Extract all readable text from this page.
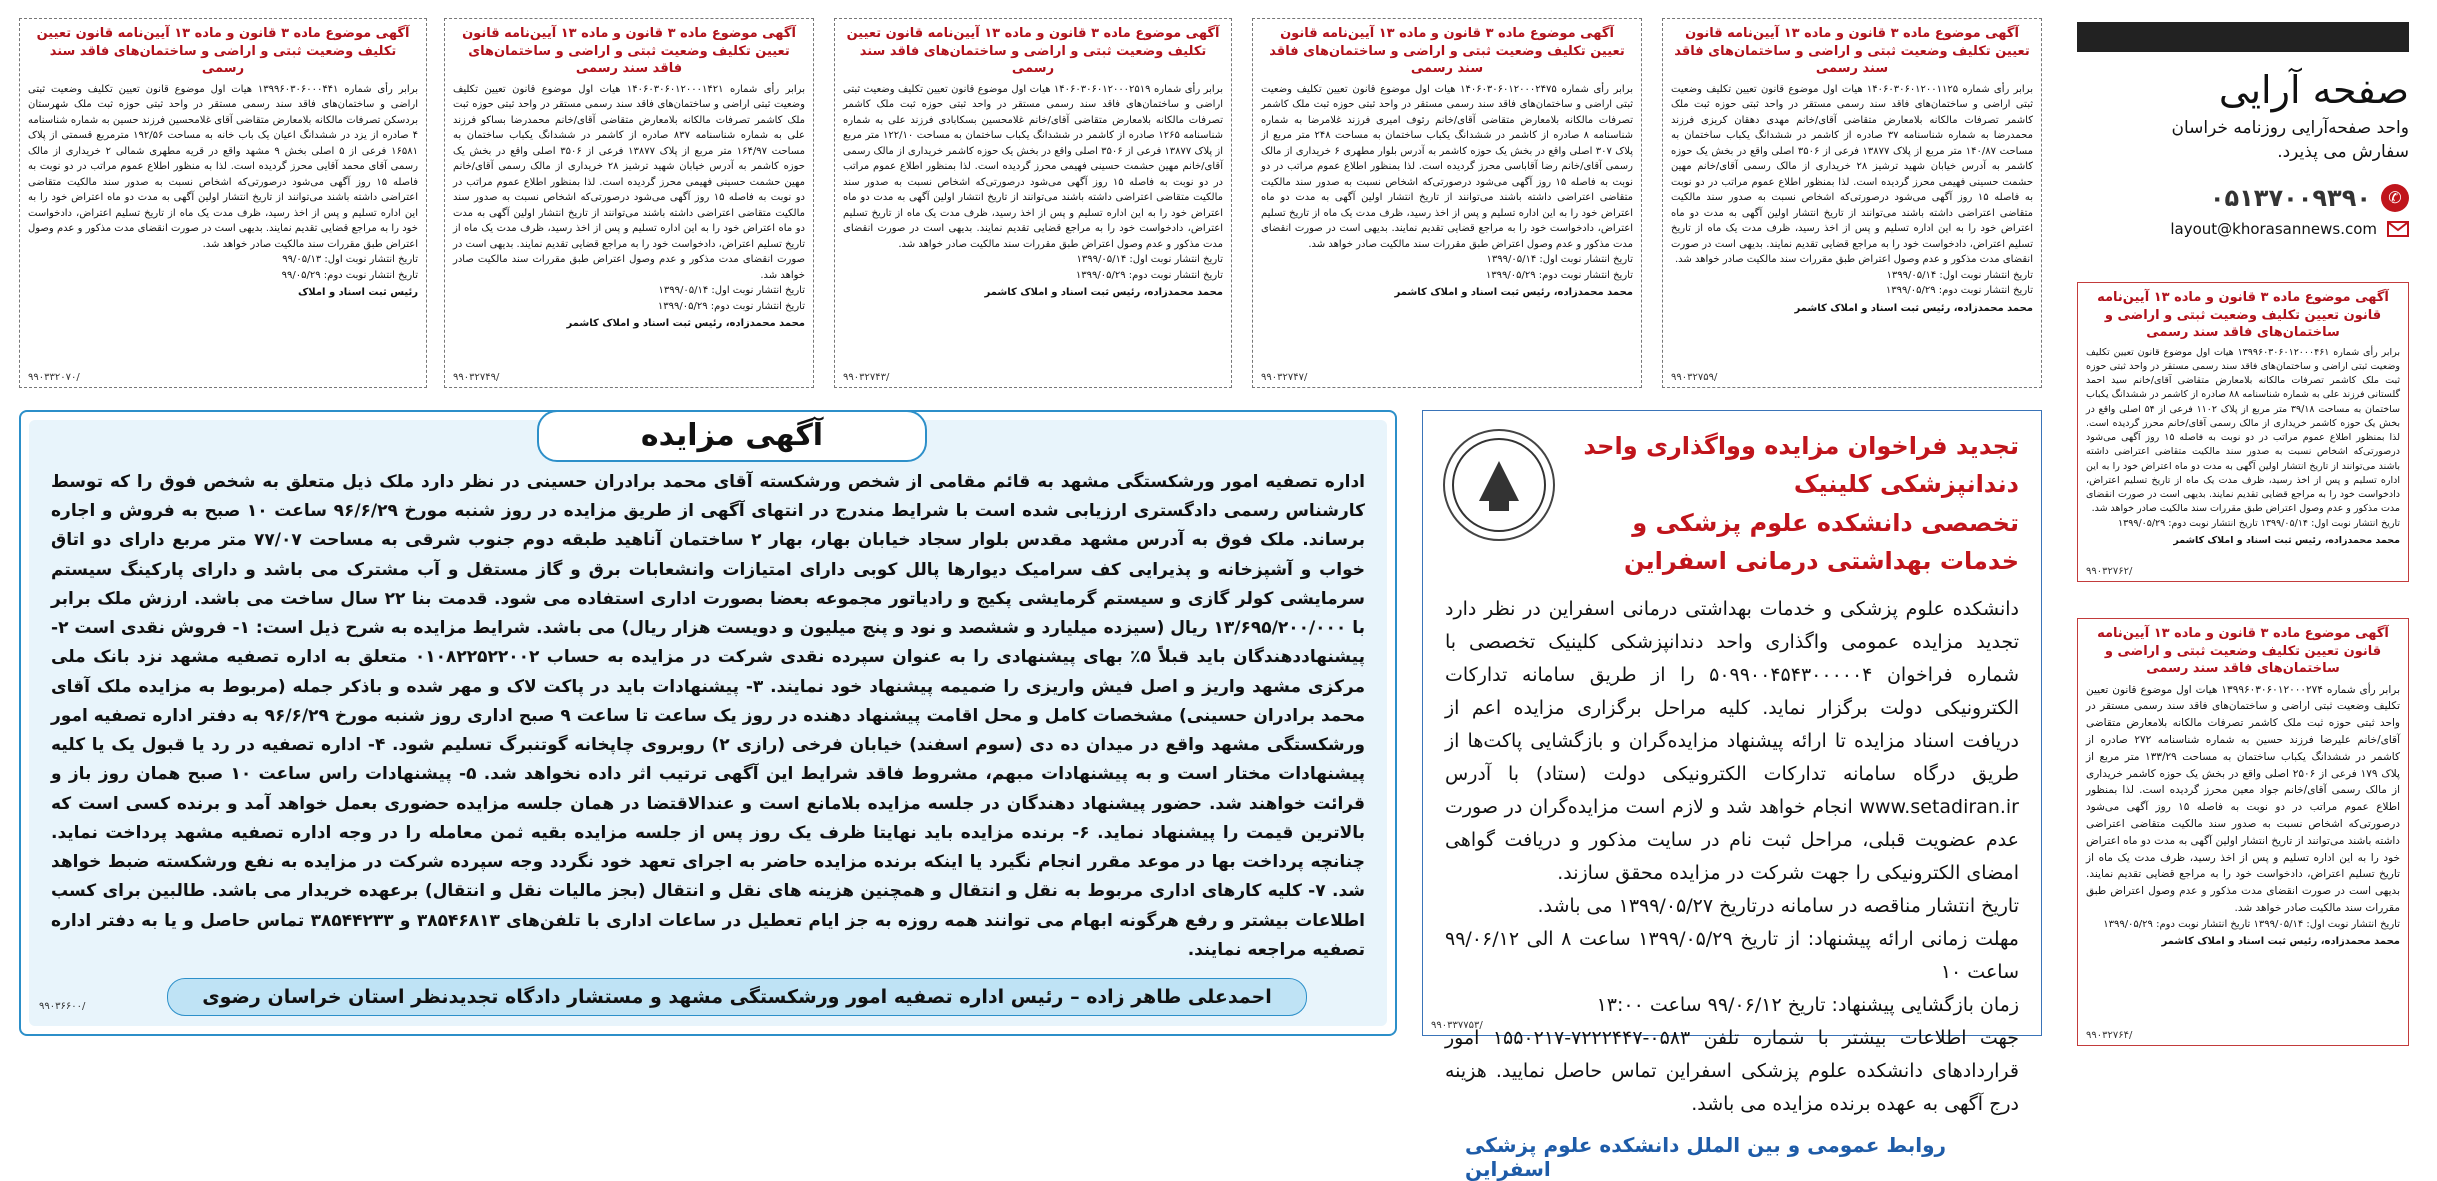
صفحه آرایی
واحد صفحه‌آرایی روزنامه خراسان
سفارش می پذیرد.
✆
۰۵۱۳۷۰۰۹۳۹۰
layout@khorasannews.com
آگهی موضوع ماده ۳ قانون و ماده ۱۳ آیین‌نامه قانون تعیین تکلیف وضعیت ثبتی و اراضی و ساختمان‌های فاقد سند رسمی
برابر رأی شماره ۱۳۹۹۶۰۳۰۶۰۱۲۰۰۰۴۶۱ هیات اول موضوع قانون تعیین تکلیف وضعیت ثبتی اراضی و ساختمان‌های فاقد سند رسمی مستقر در واحد ثبتی حوزه ثبت ملک کاشمر تصرفات مالکانه بلامعارض متقاضی آقای/خانم سید احمد گلستانی فرزند علی به شماره شناسنامه ۸۸ صادره از کاشمر در ششدانگ یکباب ساختمان به مساحت ۳۹/۱۸ متر مربع از پلاک ۱۱۰۲ فرعی از ۵۴ اصلی واقع در بخش یک حوزه کاشمر خریداری از مالک رسمی آقای/خانم محرز گردیده است. لذا بمنظور اطلاع عموم مراتب در دو نوبت به فاصله ۱۵ روز آگهی می‌شود درصورتی‌که اشخاص نسبت به صدور سند مالکیت متقاضی اعتراضی داشته باشند می‌توانند از تاریخ انتشار اولین آگهی به مدت دو ماه اعتراض خود را به این اداره تسلیم و پس از اخذ رسید، ظرف مدت یک ماه از تاریخ تسلیم اعتراض، دادخواست خود را به مراجع قضایی تقدیم نمایند. بدیهی است در صورت انقضای مدت مذکور و عدم وصول اعتراض طبق مقررات سند مالکیت صادر خواهد شد.
تاریخ انتشار نوبت اول: ۱۳۹۹/۰۵/۱۴ تاریخ انتشار نوبت دوم: ۱۳۹۹/۰۵/۲۹
محمد محمدزاده، رئیس ثبت اسناد و املاک کاشمر
۹۹۰۳۲۷۶۲/
آگهی موضوع ماده ۳ قانون و ماده ۱۳ آیین‌نامه قانون تعیین تکلیف وضعیت ثبتی و اراضی و ساختمان‌های فاقد سند رسمی
برابر رأی شماره ۱۳۹۹۶۰۳۰۶۰۱۲۰۰۰۲۷۴ هیات اول موضوع قانون تعیین تکلیف وضعیت ثبتی اراضی و ساختمان‌های فاقد سند رسمی مستقر در واحد ثبتی حوزه ثبت ملک کاشمر تصرفات مالکانه بلامعارض متقاضی آقای/خانم علیرضا فرزند حسین به شماره شناسنامه ۲۷۲ صادره از کاشمر در ششدانگ یکباب ساختمان به مساحت ۱۳۳/۲۹ متر مربع از پلاک ۱۷۹ فرعی از ۲۵۰۶ اصلی واقع در بخش یک حوزه کاشمر خریداری از مالک رسمی آقای/خانم جواد معین محرز گردیده است. لذا بمنظور اطلاع عموم مراتب در دو نوبت به فاصله ۱۵ روز آگهی می‌شود درصورتی‌که اشخاص نسبت به صدور سند مالکیت متقاضی اعتراضی داشته باشند می‌توانند از تاریخ انتشار اولین آگهی به مدت دو ماه اعتراض خود را به این اداره تسلیم و پس از اخذ رسید، ظرف مدت یک ماه از تاریخ تسلیم اعتراض، دادخواست خود را به مراجع قضایی تقدیم نمایند. بدیهی است در صورت انقضای مدت مذکور و عدم وصول اعتراض طبق مقررات سند مالکیت صادر خواهد شد.
تاریخ انتشار نوبت اول: ۱۳۹۹/۰۵/۱۴ تاریخ انتشار نوبت دوم: ۱۳۹۹/۰۵/۲۹
محمد محمدزاده، رئیس ثبت اسناد و املاک کاشمر
۹۹۰۳۲۷۶۴/
آگهی موضوع ماده ۳ قانون و ماده ۱۳ آیین‌نامه قانون تعیین تکلیف وضعیت ثبتی و اراضی و ساختمان‌های فاقد سند رسمی
برابر رأی شماره ۱۴۰۶۰۳۰۶۰۱۲۰۰۱۱۲۵ هیات اول موضوع قانون تعیین تکلیف وضعیت ثبتی اراضی و ساختمان‌های فاقد سند رسمی مستقر در واحد ثبتی حوزه ثبت ملک کاشمر تصرفات مالکانه بلامعارض متقاضی آقای/خانم مهدی دهقان کریزی فرزند محمدرضا به شماره شناسنامه ۳۷ صادره از کاشمر در ششدانگ یکباب ساختمان به مساحت ۱۴۰/۸۷ متر مربع از پلاک ۱۳۸۷۷ فرعی از ۳۵۰۶ اصلی واقع در بخش یک حوزه کاشمر به آدرس خیابان شهید ترشیز ۲۸ خریداری از مالک رسمی آقای/خانم مهین حشمت حسینی فهیمی محرز گردیده است. لذا بمنظور اطلاع عموم مراتب در دو نوبت به فاصله ۱۵ روز آگهی می‌شود درصورتی‌که اشخاص نسبت به صدور سند مالکیت متقاضی اعتراضی داشته باشند می‌توانند از تاریخ انتشار اولین آگهی به مدت دو ماه اعتراض خود را به این اداره تسلیم و پس از اخذ رسید، ظرف مدت یک ماه از تاریخ تسلیم اعتراض، دادخواست خود را به مراجع قضایی تقدیم نمایند. بدیهی است در صورت انقضای مدت مذکور و عدم وصول اعتراض طبق مقررات سند مالکیت صادر خواهد شد.
تاریخ انتشار نوبت اول: ۱۳۹۹/۰۵/۱۴
تاریخ انتشار نوبت دوم: ۱۳۹۹/۰۵/۲۹
محمد محمدزاده، رئیس ثبت اسناد و املاک کاشمر
۹۹۰۳۲۷۵۹/
آگهی موضوع ماده ۳ قانون و ماده ۱۳ آیین‌نامه قانون تعیین تکلیف وضعیت ثبتی و اراضی و ساختمان‌های فاقد سند رسمی
برابر رأی شماره ۱۴۰۶۰۳۰۶۰۱۲۰۰۰۲۴۷۵ هیات اول موضوع قانون تعیین تکلیف وضعیت ثبتی اراضی و ساختمان‌های فاقد سند رسمی مستقر در واحد ثبتی حوزه ثبت ملک کاشمر تصرفات مالکانه بلامعارض متقاضی آقای/خانم رئوف امیری فرزند غلامرضا به شماره شناسنامه ۸ صادره از کاشمر در ششدانگ یکباب ساختمان به مساحت ۲۴۸ متر مربع از پلاک ۳۰۷ اصلی واقع در بخش یک حوزه کاشمر به آدرس بلوار مطهری ۶ خریداری از مالک رسمی آقای/خانم رضا آقاباسی محرز گردیده است. لذا بمنظور اطلاع عموم مراتب در دو نوبت به فاصله ۱۵ روز آگهی می‌شود درصورتی‌که اشخاص نسبت به صدور سند مالکیت متقاضی اعتراضی داشته باشند می‌توانند از تاریخ انتشار اولین آگهی به مدت دو ماه اعتراض خود را به این اداره تسلیم و پس از اخذ رسید، ظرف مدت یک ماه از تاریخ تسلیم اعتراض، دادخواست خود را به مراجع قضایی تقدیم نمایند. بدیهی است در صورت انقضای مدت مذکور و عدم وصول اعتراض طبق مقررات سند مالکیت صادر خواهد شد.
تاریخ انتشار نوبت اول: ۱۳۹۹/۰۵/۱۴
تاریخ انتشار نوبت دوم: ۱۳۹۹/۰۵/۲۹
محمد محمدزاده، رئیس ثبت اسناد و املاک کاشمر
۹۹۰۳۲۷۴۷/
آگهی موضوع ماده ۳ قانون و ماده ۱۳ آیین‌نامه قانون تعیین تکلیف وضعیت ثبتی و اراضی و ساختمان‌های فاقد سند رسمی
برابر رأی شماره ۱۴۰۶۰۳۰۶۰۱۲۰۰۰۲۵۱۹ هیات اول موضوع قانون تعیین تکلیف وضعیت ثبتی اراضی و ساختمان‌های فاقد سند رسمی مستقر در واحد ثبتی حوزه ثبت ملک کاشمر تصرفات مالکانه بلامعارض متقاضی آقای/خانم غلامحسین بسکابادی فرزند علی به شماره شناسنامه ۱۲۶۵ صادره از کاشمر در ششدانگ یکباب ساختمان به مساحت ۱۲۲/۱۰ متر مربع از پلاک ۱۳۸۷۷ فرعی از ۳۵۰۶ اصلی واقع در بخش یک حوزه کاشمر خریداری از مالک رسمی آقای/خانم مهین حشمت حسینی فهیمی محرز گردیده است. لذا بمنظور اطلاع عموم مراتب در دو نوبت به فاصله ۱۵ روز آگهی می‌شود درصورتی‌که اشخاص نسبت به صدور سند مالکیت متقاضی اعتراضی داشته باشند می‌توانند از تاریخ انتشار اولین آگهی به مدت دو ماه اعتراض خود را به این اداره تسلیم و پس از اخذ رسید، ظرف مدت یک ماه از تاریخ تسلیم اعتراض، دادخواست خود را به مراجع قضایی تقدیم نمایند. بدیهی است در صورت انقضای مدت مذکور و عدم وصول اعتراض طبق مقررات سند مالکیت صادر خواهد شد.
تاریخ انتشار نوبت اول: ۱۳۹۹/۰۵/۱۴
تاریخ انتشار نوبت دوم: ۱۳۹۹/۰۵/۲۹
محمد محمدزاده، رئیس ثبت اسناد و املاک کاشمر
۹۹۰۳۲۷۴۳/
آگهی موضوع ماده ۳ قانون و ماده ۱۳ آیین‌نامه قانون تعیین تکلیف وضعیت ثبتی و اراضی و ساختمان‌های فاقد سند رسمی
برابر رأی شماره ۱۴۰۶۰۳۰۶۰۱۲۰۰۰۱۴۲۱ هیات اول موضوع قانون تعیین تکلیف وضعیت ثبتی اراضی و ساختمان‌های فاقد سند رسمی مستقر در واحد ثبتی حوزه ثبت ملک کاشمر تصرفات مالکانه بلامعارض متقاضی آقای/خانم محمدرضا بساکو فرزند علی به شماره شناسنامه ۸۳۷ صادره از کاشمر در ششدانگ یکباب ساختمان به مساحت ۱۶۴/۹۷ متر مربع از پلاک ۱۳۸۷۷ فرعی از ۳۵۰۶ اصلی واقع در بخش یک حوزه کاشمر به آدرس خیابان شهید ترشیز ۲۸ خریداری از مالک رسمی آقای/خانم مهین حشمت حسینی فهیمی محرز گردیده است. لذا بمنظور اطلاع عموم مراتب در دو نوبت به فاصله ۱۵ روز آگهی می‌شود درصورتی‌که اشخاص نسبت به صدور سند مالکیت متقاضی اعتراضی داشته باشند می‌توانند از تاریخ انتشار اولین آگهی به مدت دو ماه اعتراض خود را به این اداره تسلیم و پس از اخذ رسید، ظرف مدت یک ماه از تاریخ تسلیم اعتراض، دادخواست خود را به مراجع قضایی تقدیم نمایند. بدیهی است در صورت انقضای مدت مذکور و عدم وصول اعتراض طبق مقررات سند مالکیت صادر خواهد شد.
تاریخ انتشار نوبت اول: ۱۳۹۹/۰۵/۱۴
تاریخ انتشار نوبت دوم: ۱۳۹۹/۰۵/۲۹
محمد محمدزاده، رئیس ثبت اسناد و املاک کاشمر
۹۹۰۳۲۷۴۹/
آگهی موضوع ماده ۳ قانون و ماده ۱۳ آیین‌نامه قانون تعیین تکلیف وضعیت ثبتی و اراضی و ساختمان‌های فاقد سند رسمی
برابر رأی شماره ۱۳۹۹۶۰۳۰۶۰۰۰۴۴۱ هیات اول موضوع قانون تعیین تکلیف وضعیت ثبتی اراضی و ساختمان‌های فاقد سند رسمی مستقر در واحد ثبتی حوزه ثبت ملک شهرستان بردسکن تصرفات مالکانه بلامعارض متقاضی آقای غلامحسین فرزند حسین به شماره شناسنامه ۴ صادره از یزد در ششدانگ اعیان یک باب خانه به مساحت ۱۹۲/۵۶ مترمربع قسمتی از پلاک ۱۶۵۸۱ فرعی از ۵ اصلی بخش ۹ مشهد واقع در قریه مطهری شمالی ۲ خریداری از مالک رسمی آقای محمد آقایی محرز گردیده است. لذا به منظور اطلاع عموم مراتب در دو نوبت به فاصله ۱۵ روز آگهی می‌شود درصورتی‌که اشخاص نسبت به صدور سند مالکیت متقاضی اعتراضی داشته باشند می‌توانند از تاریخ انتشار اولین آگهی به مدت دو ماه اعتراض خود را به این اداره تسلیم و پس از اخذ رسید، ظرف مدت یک ماه از تاریخ تسلیم اعتراض، دادخواست خود را به مراجع قضایی تقدیم نمایند. بدیهی است در صورت انقضای مدت مذکور و عدم وصول اعتراض طبق مقررات سند مالکیت صادر خواهد شد.
تاریخ انتشار نوبت اول: ۹۹/۰۵/۱۳
تاریخ انتشار نوبت دوم: ۹۹/۰۵/۲۹
رئیس ثبت اسناد و املاک
۹۹۰۳۳۲۰۷۰/
تجدید فراخوان مزایده وواگذاری واحد دندانپزشکی کلینیک
تخصصی دانشکده علوم پزشکی و خدمات بهداشتی درمانی اسفراین
دانشکده علوم پزشکی و خدمات بهداشتی درمانی اسفراین در نظر دارد تجدید مزایده عمومی واگذاری واحد دندانپزشکی کلینیک تخصصی با شماره فراخوان ۵۰۹۹۰۰۴۵۴۳۰۰۰۰۰۴ را از طریق سامانه تدارکات الکترونیکی دولت برگزار نماید. کلیه مراحل برگزاری مزایده اعم از دریافت اسناد مزایده تا ارائه پیشنهاد مزایده‌گران و بازگشایی پاکت‌ها از طریق درگاه سامانه تدارکات الکترونیکی دولت (ستاد) با آدرس www.setadiran.ir انجام خواهد شد و لازم است مزایده‌گران در صورت عدم عضویت قبلی، مراحل ثبت نام در سایت مذکور و دریافت گواهی امضای الکترونیکی را جهت شرکت در مزایده محقق سازند.
تاریخ انتشار مناقصه در سامانه درتاریخ ۱۳۹۹/۰۵/۲۷ می باشد.
مهلت زمانی ارائه پیشنهاد: از تاریخ ۱۳۹۹/۰۵/۲۹ ساعت ۸ الی ۹۹/۰۶/۱۲ ساعت ۱۰
زمان بازگشایی پیشنهاد: تاریخ ۹۹/۰۶/۱۲ ساعت ۱۳:۰۰
جهت اطلاعات بیشتر با شماره تلفن ۰۵۸۳-۷۲۲۲۴۴۷-۱۵۵۰۲۱۷ امور قراردادهای دانشکده علوم پزشکی اسفراین تماس حاصل نمایید. هزینه درج آگهی به عهده برنده مزایده می باشد.
روابط عمومی و بین الملل دانشکده علوم پزشکی اسفراین
۹۹۰۳۳۷۷۵۳/
آگهی مزایده
اداره تصفیه امور ورشکستگی مشهد به قائم مقامی از شخص ورشکسته آقای محمد برادران حسینی در نظر دارد ملک ذیل متعلق به شخص فوق را که توسط کارشناس رسمی دادگستری ارزیابی شده است با شرایط مندرج در انتهای آگهی از طریق مزایده در روز شنبه مورخ ۹۶/۶/۲۹ ساعت ۱۰ صبح به فروش و اجاره برساند. ملک فوق به آدرس مشهد مقدس بلوار سجاد خیابان بهار، بهار ۲ ساختمان آناهید طبقه دوم جنوب شرقی به مساحت ۷۷/۰۷ متر مربع دارای دو اتاق خواب و آشپزخانه و پذیرایی کف سرامیک دیوارها پالل کوبی دارای امتیازات وانشعابات برق و گاز مستقل و آب مشترک می باشد و دارای پارکینگ سیستم سرمایشی کولر گازی و سیستم گرمایشی پکیج و رادیاتور مجموعه بعضا بصورت اداری استفاده می شود. قدمت بنا ۲۲ سال ساخت می باشد. ارزش ملک برابر با ۱۳/۶۹۵/۲۰۰/۰۰۰ ریال (سیزده میلیارد و ششصد و نود و پنج میلیون و دویست هزار ریال) می باشد. شرایط مزایده به شرح ذیل است: ۱- فروش نقدی است ۲- پیشنهاددهندگان باید قبلاً ۵٪ بهای پیشنهادی را به عنوان سپرده نقدی شرکت در مزایده به حساب ۰۱۰۸۲۲۵۲۲۰۰۲ متعلق به اداره تصفیه مشهد نزد بانک ملی مرکزی مشهد واریز و اصل فیش واریزی را ضمیمه پیشنهاد خود نمایند. ۳- پیشنهادات باید در پاکت لاک و مهر شده و باذکر جمله (مربوط به مزایده ملک آقای محمد برادران حسینی) مشخصات کامل و محل اقامت پیشنهاد دهنده در روز یک ساعت تا ساعت ۹ صبح اداری روز شنبه مورخ ۹۶/۶/۲۹ به دفتر اداره تصفیه امور ورشکستگی مشهد واقع در میدان ده دی (سوم اسفند) خیابان فرخی (رازی ۲) روبروی چاپخانه گوتنبرگ تسلیم شود. ۴- اداره تصفیه در رد یا قبول یک یا کلیه پیشنهادات مختار است و به پیشنهادات مبهم، مشروط فاقد شرایط این آگهی ترتیب اثر داده نخواهد شد. ۵- پیشنهادات راس ساعت ۱۰ صبح همان روز باز و قرائت خواهند شد. حضور پیشنهاد دهندگان در جلسه مزایده بلامانع است و عندالاقتضا در همان جلسه مزایده حضوری بعمل خواهد آمد و برنده کسی است که بالاترین قیمت را پیشنهاد نماید. ۶- برنده مزایده باید نهایتا ظرف یک روز پس از جلسه مزایده بقیه ثمن معامله را در وجه اداره تصفیه مشهد پرداخت نماید. چنانچه پرداخت بها در موعد مقرر انجام نگیرد یا اینکه برنده مزایده حاضر به اجرای تعهد خود نگردد وجه سپرده شرکت در مزایده به نفع ورشکسته ضبط خواهد شد. ۷- کلیه کارهای اداری مربوط به نقل و انتقال و همچنین هزینه های نقل و انتقال (بجز مالیات نقل و انتقال) برعهده خریدار می باشد. طالبین برای کسب اطلاعات بیشتر و رفع هرگونه ابهام می توانند همه روزه به جز ایام تعطیل در ساعات اداری با تلفن‌های ۳۸۵۴۶۸۱۳ و ۳۸۵۴۴۲۳۳ تماس حاصل و یا به دفتر اداره تصفیه مراجعه نمایند.
احمدعلی طاهر زاده – رئیس اداره تصفیه امور ورشکستگی مشهد و مستشار دادگاه تجدیدنظر استان خراسان رضوی
۹۹۰۳۶۶۰۰/
